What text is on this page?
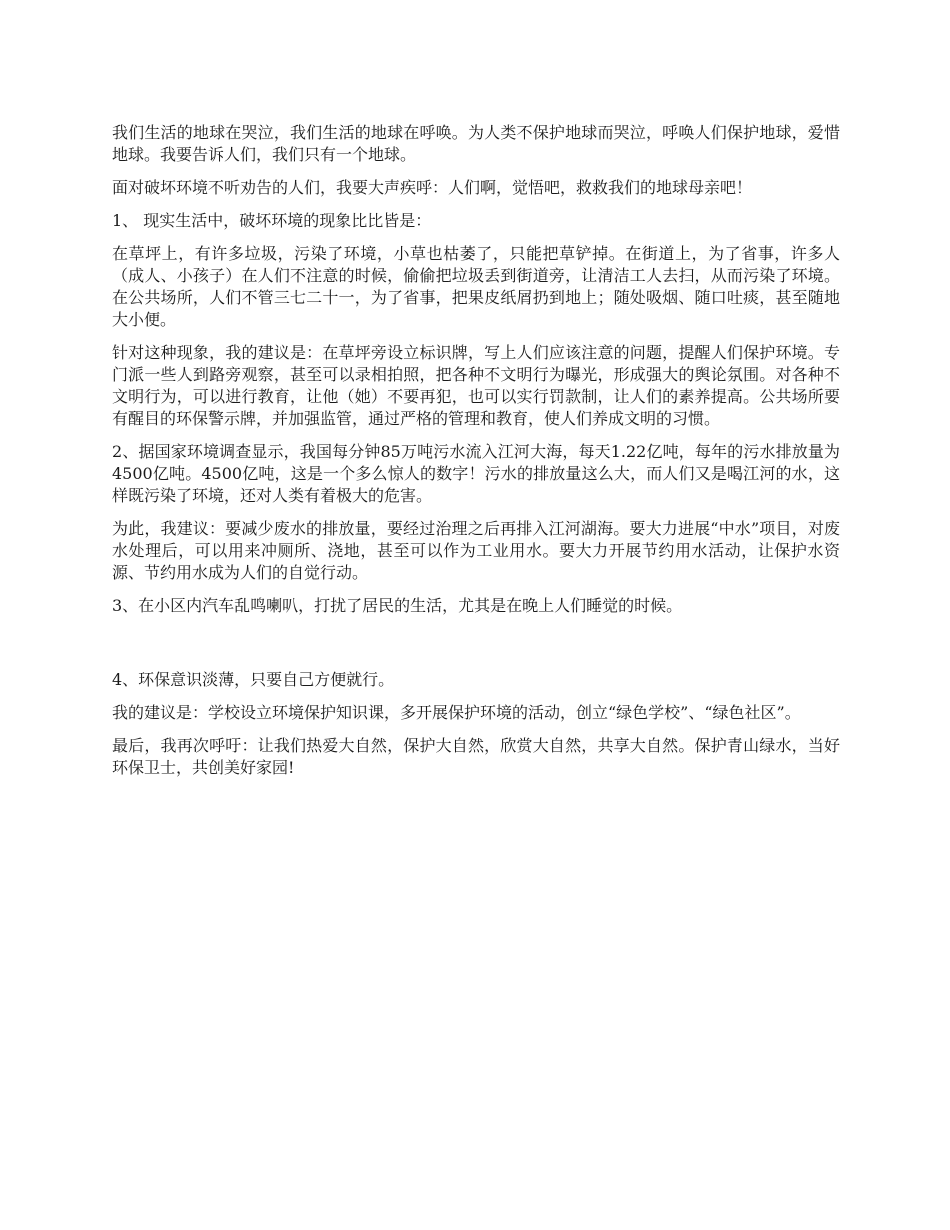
我们生活的地球在哭泣，我们生活的地球在呼唤。为人类不保护地球而哭泣，呼唤人们保护地球，爱惜地球。我要告诉人们，我们只有一个地球。

面对破坏环境不听劝告的人们，我要大声疾呼：人们啊，觉悟吧，救救我们的地球母亲吧！

1、 现实生活中，破坏环境的现象比比皆是：

在草坪上，有许多垃圾，污染了环境，小草也枯萎了，只能把草铲掉。在街道上，为了省事，许多人（成人、小孩子）在人们不注意的时候，偷偷把垃圾丢到街道旁，让清洁工人去扫，从而污染了环境。在公共场所，人们不管三七二十一，为了省事，把果皮纸屑扔到地上；随处吸烟、随口吐痰，甚至随地大小便。

针对这种现象，我的建议是：在草坪旁设立标识牌，写上人们应该注意的问题，提醒人们保护环境。专门派一些人到路旁观察，甚至可以录相拍照，把各种不文明行为曝光，形成强大的舆论氛围。对各种不文明行为，可以进行教育，让他（她）不要再犯，也可以实行罚款制，让人们的素养提高。公共场所要有醒目的环保警示牌，并加强监管，通过严格的管理和教育，使人们养成文明的习惯。

2、据国家环境调查显示，我国每分钟85万吨污水流入江河大海，每天1.22亿吨，每年的污水排放量为4500亿吨。4500亿吨，这是一个多么惊人的数字！污水的排放量这么大，而人们又是喝江河的水，这样既污染了环境，还对人类有着极大的危害。

为此，我建议：要减少废水的排放量，要经过治理之后再排入江河湖海。要大力进展“中水”项目，对废水处理后，可以用来冲厕所、浇地，甚至可以作为工业用水。要大力开展节约用水活动，让保护水资源、节约用水成为人们的自觉行动。

3、在小区内汽车乱鸣喇叭，打扰了居民的生活，尤其是在晚上人们睡觉的时候。

4、环保意识淡薄，只要自己方便就行。

我的建议是：学校设立环境保护知识课，多开展保护环境的活动，创立“绿色学校”、“绿色社区”。

最后，我再次呼吁：让我们热爱大自然，保护大自然，欣赏大自然，共享大自然。保护青山绿水，当好环保卫士，共创美好家园!
